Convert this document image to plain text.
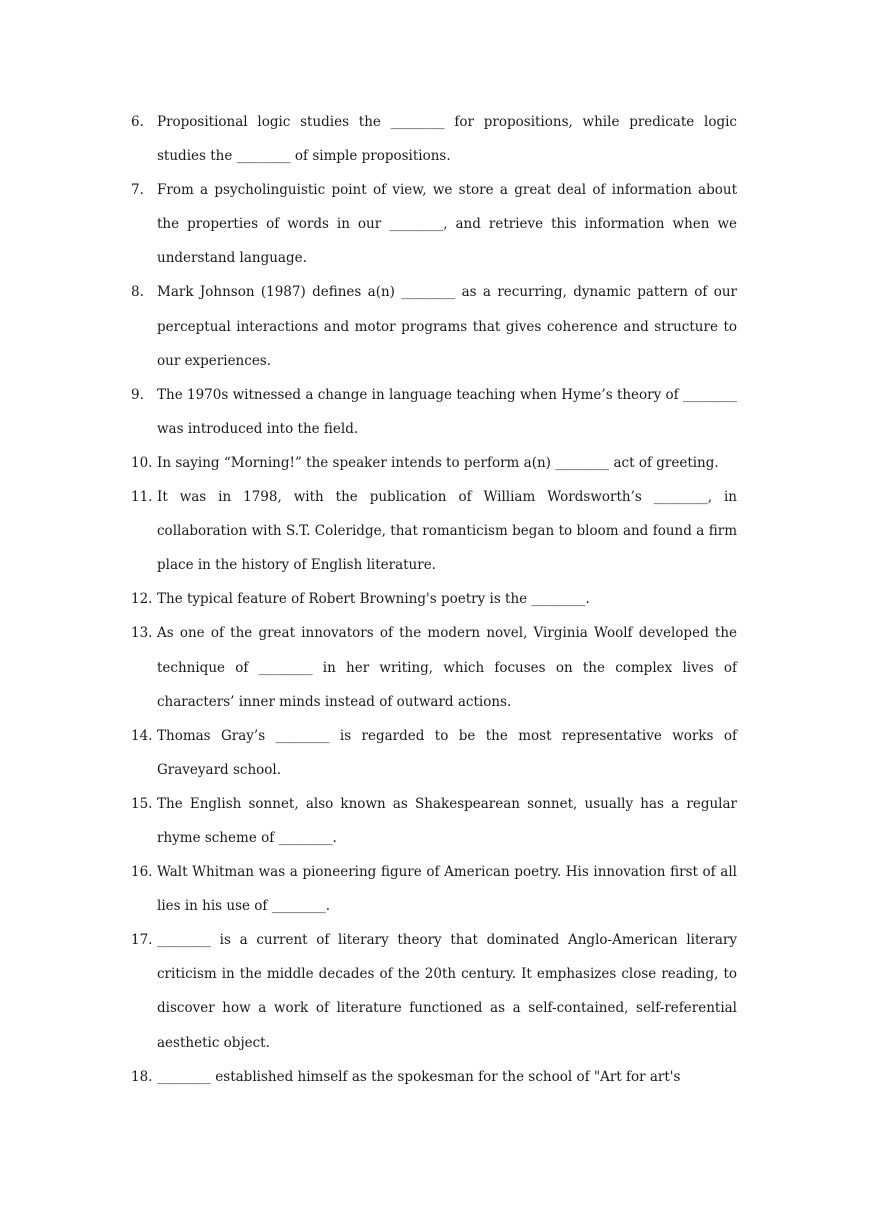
6. Propositional logic studies the ________ for propositions, while predicate logic studies the ________ of simple propositions.
7. From a psycholinguistic point of view, we store a great deal of information about the properties of words in our ________, and retrieve this information when we understand language.
8. Mark Johnson (1987) defines a(n) ________ as a recurring, dynamic pattern of our perceptual interactions and motor programs that gives coherence and structure to our experiences.
9. The 1970s witnessed a change in language teaching when Hyme’s theory of ________ was introduced into the field.
10. In saying “Morning!” the speaker intends to perform a(n) ________ act of greeting.
11. It was in 1798, with the publication of William Wordsworth’s ________, in collaboration with S.T. Coleridge, that romanticism began to bloom and found a firm place in the history of English literature.
12. The typical feature of Robert Browning's poetry is the ________.
13. As one of the great innovators of the modern novel, Virginia Woolf developed the technique of ________ in her writing, which focuses on the complex lives of characters’ inner minds instead of outward actions.
14. Thomas Gray’s ________ is regarded to be the most representative works of Graveyard school.
15. The English sonnet, also known as Shakespearean sonnet, usually has a regular rhyme scheme of ________.
16. Walt Whitman was a pioneering figure of American poetry. His innovation first of all lies in his use of ________.
17. ________ is a current of literary theory that dominated Anglo-American literary criticism in the middle decades of the 20th century. It emphasizes close reading, to discover how a work of literature functioned as a self-contained, self-referential aesthetic object.
18. ________ established himself as the spokesman for the school of "Art for art's
